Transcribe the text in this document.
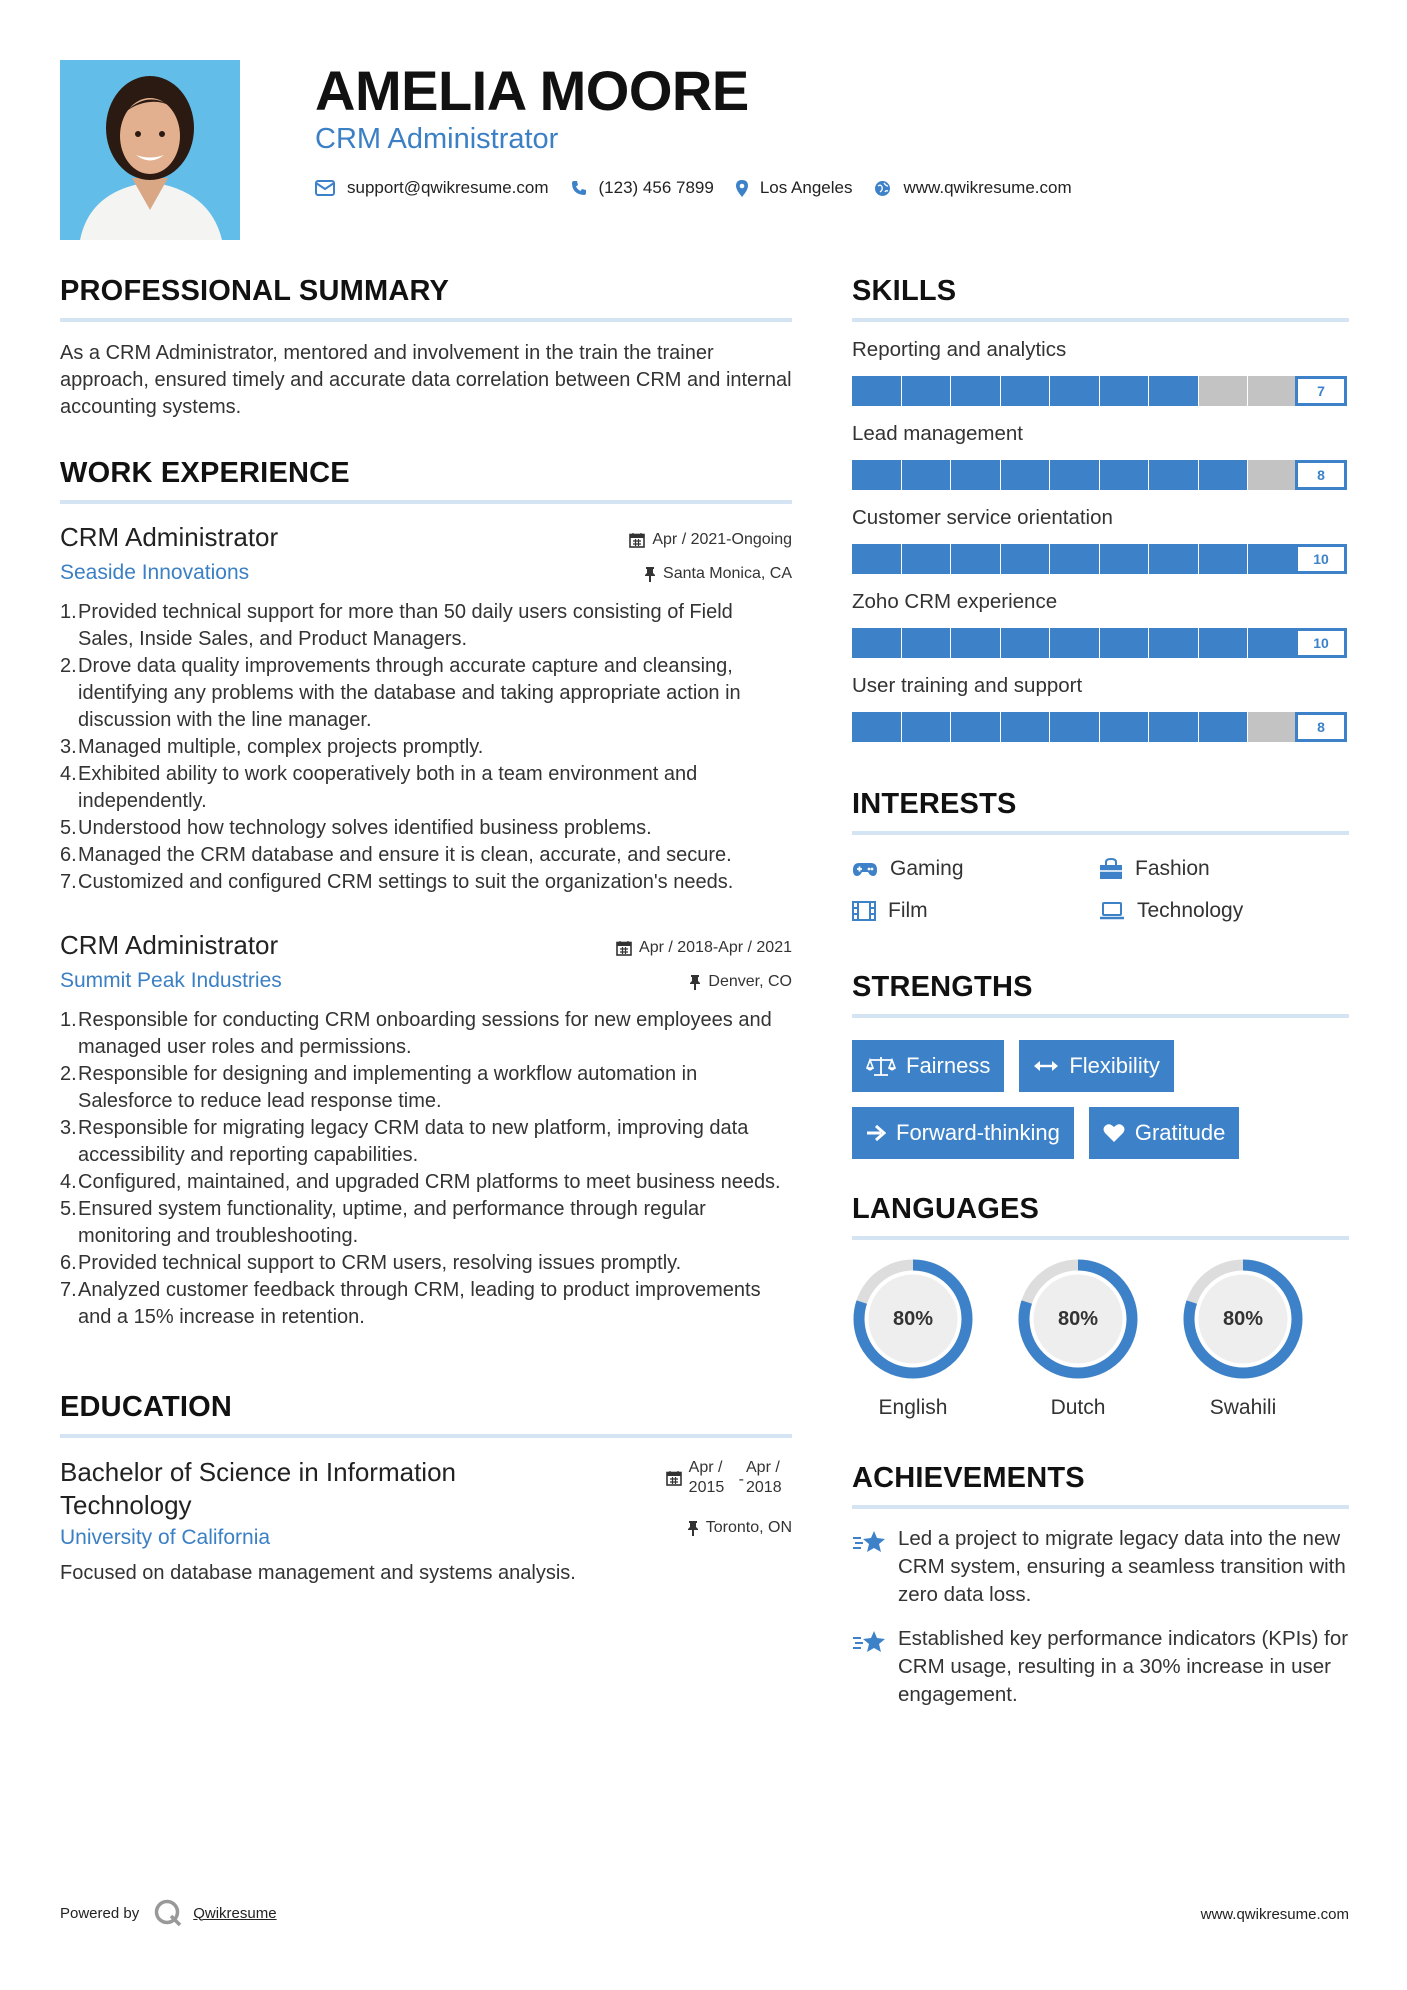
AMELIA MOORE
CRM Administrator
support@qwikresume.com	(123) 456 7899	Los Angeles	www.qwikresume.com
PROFESSIONAL SUMMARY
As a CRM Administrator, mentored and involvement in the train the trainer approach, ensured timely and accurate data correlation between CRM and internal accounting systems.
WORK EXPERIENCE
CRM Administrator
Seaside Innovations
Apr / 2021-Ongoing
Santa Monica, CA
1. Provided technical support for more than 50 daily users consisting of Field Sales, Inside Sales, and Product Managers.
2. Drove data quality improvements through accurate capture and cleansing, identifying any problems with the database and taking appropriate action in discussion with the line manager.
3. Managed multiple, complex projects promptly.
4. Exhibited ability to work cooperatively both in a team environment and independently.
5. Understood how technology solves identified business problems.
6. Managed the CRM database and ensure it is clean, accurate, and secure.
7. Customized and configured CRM settings to suit the organization's needs.
CRM Administrator
Summit Peak Industries
Apr / 2018-Apr / 2021
Denver, CO
1. Responsible for conducting CRM onboarding sessions for new employees and managed user roles and permissions.
2. Responsible for designing and implementing a workflow automation in Salesforce to reduce lead response time.
3. Responsible for migrating legacy CRM data to new platform, improving data accessibility and reporting capabilities.
4. Configured, maintained, and upgraded CRM platforms to meet business needs.
5. Ensured system functionality, uptime, and performance through regular monitoring and troubleshooting.
6. Provided technical support to CRM users, resolving issues promptly.
7. Analyzed customer feedback through CRM, leading to product improvements and a 15% increase in retention.
EDUCATION
Bachelor of Science in Information Technology
University of California
Apr / 2015 -
Apr / 2018
Toronto, ON
Focused on database management and systems analysis.
SKILLS
Reporting and analytics
7
Lead management
8
Customer service orientation
10
Zoho CRM experience
10
User training and support
8
INTERESTS
Gaming	Fashion
Film	Technology
STRENGTHS
Fairness	Flexibility
Forward-thinking	Gratitude
LANGUAGES
80%
English
80%
Dutch
80%
Swahili
ACHIEVEMENTS
Led a project to migrate legacy data into the new CRM system, ensuring a seamless transition with zero data loss.
Established key performance indicators (KPIs) for CRM usage, resulting in a 30% increase in user engagement.
Powered by	Qwikresume	www.qwikresume.com
